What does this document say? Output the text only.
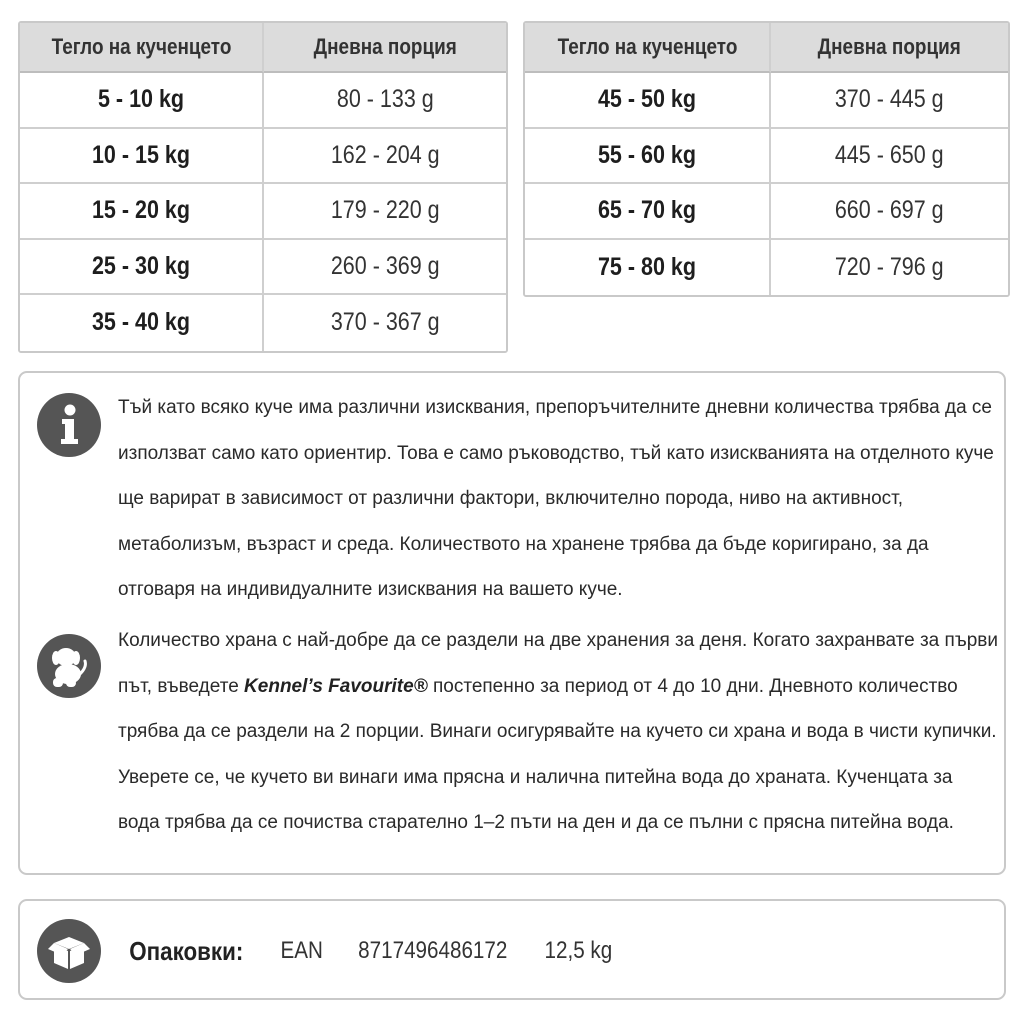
Тегло на кученцето	Дневна порция
5 - 10 kg	80 - 133 g
10 - 15 kg	162 - 204 g
15 - 20 kg	179 - 220 g
25 - 30 kg	260 - 369 g
35 - 40 kg	370 - 367 g
Тегло на кученцето	Дневна порция
45 - 50 kg	370 - 445 g
55 - 60 kg	445 - 650 g
65 - 70 kg	660 - 697 g
75 - 80 kg	720 - 796 g

Тъй като всяко куче има различни изисквания, препоръчителните дневни количества трябва да се използват само като ориентир. Това е само ръководство, тъй като изискванията на отделното куче ще варират в зависимост от различни фактори, включително порода, ниво на активност, метаболизъм, възраст и среда. Количеството на хранене трябва да бъде коригирано, за да отговаря на индивидуалните изисквания на вашето куче.

Количество храна с най-добре да се раздели на две хранения за деня. Когато захранвате за първи път, въведете Kennel’s Favourite® постепенно за период от 4 до 10 дни. Дневното количество трябва да се раздели на 2 порции. Винаги осигурявайте на кучето си храна и вода в чисти купички. Уверете се, че кучето ви винаги има прясна и налична питейна вода до храната. Кученцата за вода трябва да се почиства старателно 1–2 пъти на ден и да се пълни с прясна питейна вода.

Опаковки: EAN 8717496486172 12,5 kg
